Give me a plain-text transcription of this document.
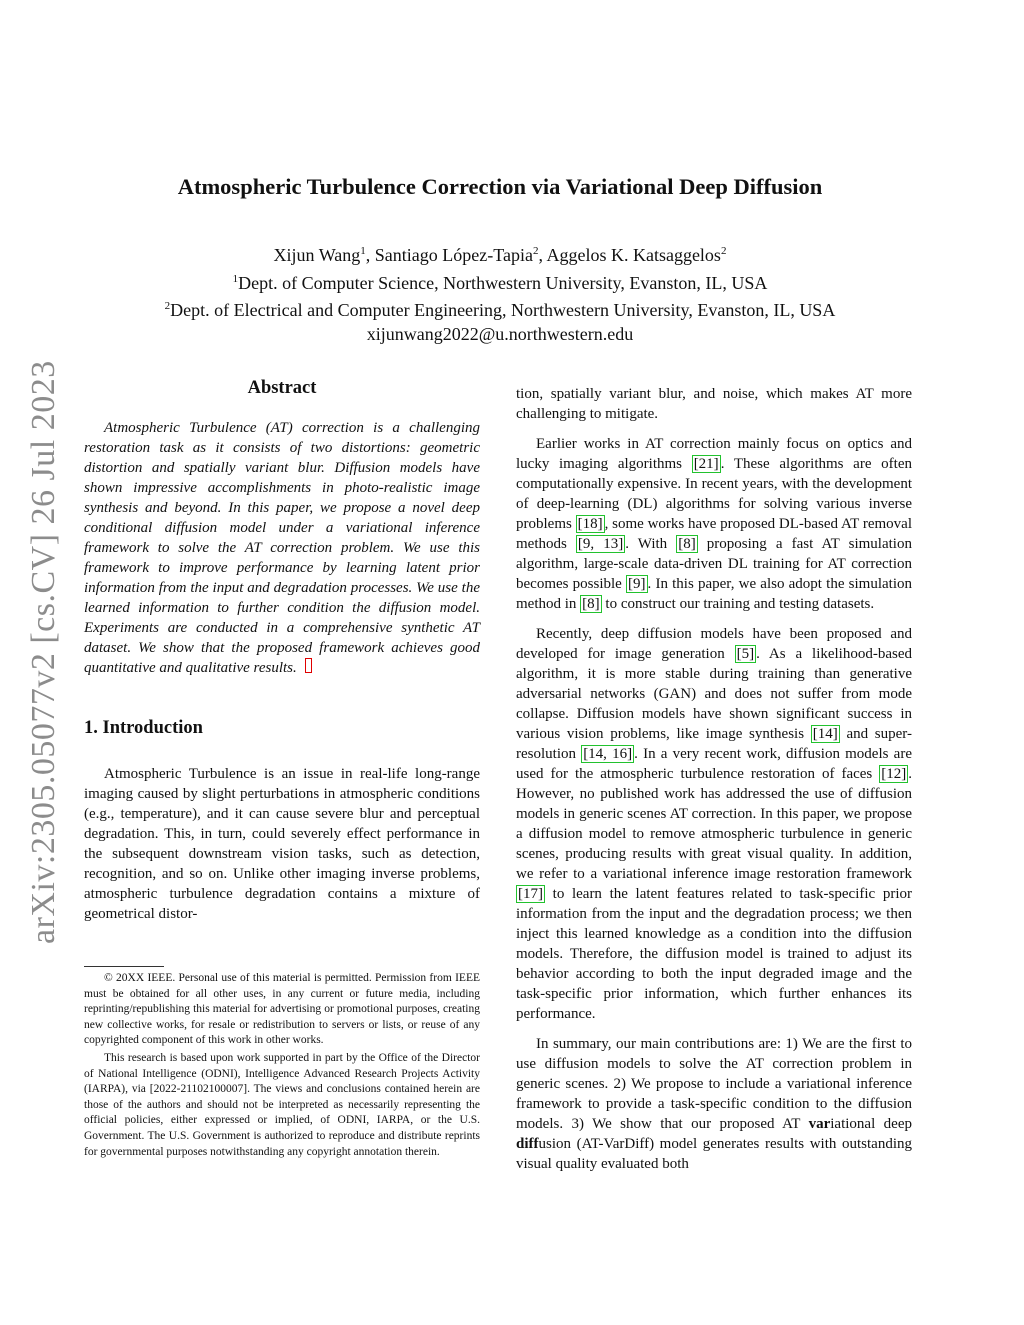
arXiv:2305.05077v2 [cs.CV] 26 Jul 2023
Atmospheric Turbulence Correction via Variational Deep Diffusion
Xijun Wang$^1$, Santiago López-Tapia$^2$, Aggelos K. Katsaggelos$^2$
$^1$Dept. of Computer Science, Northwestern University, Evanston, IL, USA
$^2$Dept. of Electrical and Computer Engineering, Northwestern University, Evanston, IL, USA
xijunwang2022@u.northwestern.edu
Abstract

Atmospheric Turbulence (AT) correction is a challenging restoration task as it consists of two distortions: geometric distortion and spatially variant blur. Diffusion models have shown impressive accomplishments in photo-realistic image synthesis and beyond. In this paper, we propose a novel deep conditional diffusion model under a variational inference framework to solve the AT correction problem. We use this framework to improve performance by learning latent prior information from the input and degradation processes. We use the learned information to further condition the diffusion model. Experiments are conducted in a comprehensive synthetic AT dataset. We show that the proposed framework achieves good quantitative and qualitative results.

1. Introduction

Atmospheric Turbulence is an issue in real-life long-range imaging caused by slight perturbations in atmospheric conditions (e.g., temperature), and it can cause severe blur and perceptual degradation. This, in turn, could severely effect performance in the subsequent downstream vision tasks, such as detection, recognition, and so on. Unlike other imaging inverse problems, atmospheric turbulence degradation contains a mixture of geometrical distor-

© 20XX IEEE. Personal use of this material is permitted. Permission from IEEE must be obtained for all other uses, in any current or future media, including reprinting/republishing this material for advertising or promotional purposes, creating new collective works, for resale or redistribution to servers or lists, or reuse of any copyrighted component of this work in other works.

This research is based upon work supported in part by the Office of the Director of National Intelligence (ODNI), Intelligence Advanced Research Projects Activity (IARPA), via [2022-21102100007]. The views and conclusions contained herein are those of the authors and should not be interpreted as necessarily representing the official policies, either expressed or implied, of ODNI, IARPA, or the U.S. Government. The U.S. Government is authorized to reproduce and distribute reprints for governmental purposes notwithstanding any copyright annotation therein.

tion, spatially variant blur, and noise, which makes AT more challenging to mitigate.

Earlier works in AT correction mainly focus on optics and lucky imaging algorithms [21] . These algorithms are often computationally expensive. In recent years, with the development of deep-learning (DL) algorithms for solving various inverse problems [18] , some works have proposed DL-based AT removal methods [9, 13] . With [8] proposing a fast AT simulation algorithm, large-scale data-driven DL training for AT correction becomes possible [9] . In this paper, we also adopt the simulation method in [8] to construct our training and testing datasets.

Recently, deep diffusion models have been proposed and developed for image generation [5] . As a likelihood-based algorithm, it is more stable during training than generative adversarial networks (GAN) and does not suffer from mode collapse. Diffusion models have shown significant success in various vision problems, like image synthesis [14] and super-resolution [14, 16] . In a very recent work, diffusion models are used for the atmospheric turbulence restoration of faces [12] . However, no published work has addressed the use of diffusion models in generic scenes AT correction. In this paper, we propose a diffusion model to remove atmospheric turbulence in generic scenes, producing results with great visual quality. In addition, we refer to a variational inference image restoration framework [17] to learn the latent features related to task-specific prior information from the input and the degradation process; we then inject this learned knowledge as a condition into the diffusion models. Therefore, the diffusion model is trained to adjust its behavior according to both the input degraded image and the task-specific prior information, which further enhances its performance.

In summary, our main contributions are: 1) We are the first to use diffusion models to solve the AT correction problem in generic scenes. 2) We propose to include a variational inference framework to provide a task-specific condition to the diffusion models. 3) We show that our proposed AT variational deep diffusion (AT-VarDiff) model generates results with outstanding visual quality evaluated both
